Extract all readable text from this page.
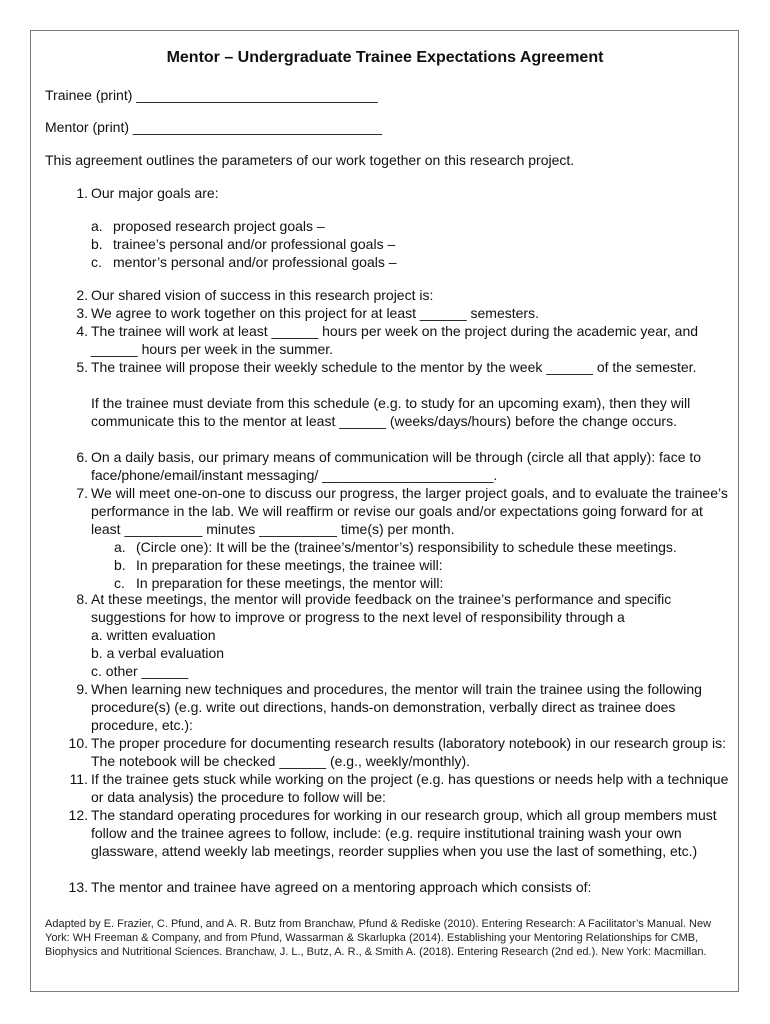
Mentor – Undergraduate Trainee Expectations Agreement
Trainee (print) _______________________________
Mentor (print) ________________________________
This agreement outlines the parameters of our work together on this research project.
1. Our major goals are:
a. proposed research project goals –
b. trainee’s personal and/or professional goals –
c. mentor’s personal and/or professional goals –
2. Our shared vision of success in this research project is:
3. We agree to work together on this project for at least ______ semesters.
4. The trainee will work at least ______ hours per week on the project during the academic year, and ______ hours per week in the summer.
5. The trainee will propose their weekly schedule to the mentor by the week ______ of the semester.
If the trainee must deviate from this schedule (e.g. to study for an upcoming exam), then they will communicate this to the mentor at least ______ (weeks/days/hours) before the change occurs.
6. On a daily basis, our primary means of communication will be through (circle all that apply): face to face/phone/email/instant messaging/ ______________________.
7. We will meet one-on-one to discuss our progress, the larger project goals, and to evaluate the trainee’s performance in the lab. We will reaffirm or revise our goals and/or expectations going forward for at least __________ minutes __________ time(s) per month.
a. (Circle one): It will be the (trainee’s/mentor’s) responsibility to schedule these meetings.
b. In preparation for these meetings, the trainee will:
c. In preparation for these meetings, the mentor will:
8. At these meetings, the mentor will provide feedback on the trainee’s performance and specific suggestions for how to improve or progress to the next level of responsibility through a
a. written evaluation
b. a verbal evaluation
c. other ______
9. When learning new techniques and procedures, the mentor will train the trainee using the following procedure(s) (e.g. write out directions, hands-on demonstration, verbally direct as trainee does procedure, etc.):
10. The proper procedure for documenting research results (laboratory notebook) in our research group is: The notebook will be checked ______ (e.g., weekly/monthly).
11. If the trainee gets stuck while working on the project (e.g. has questions or needs help with a technique or data analysis) the procedure to follow will be:
12. The standard operating procedures for working in our research group, which all group members must follow and the trainee agrees to follow, include: (e.g. require institutional training wash your own glassware, attend weekly lab meetings, reorder supplies when you use the last of something, etc.)
13. The mentor and trainee have agreed on a mentoring approach which consists of:
Adapted by E. Frazier, C. Pfund, and A. R. Butz from Branchaw, Pfund & Rediske (2010). Entering Research: A Facilitator’s Manual. New York: WH Freeman & Company, and from Pfund, Wassarman & Skarlupka (2014). Establishing your Mentoring Relationships for CMB, Biophysics and Nutritional Sciences. Branchaw, J. L., Butz, A. R., & Smith A. (2018). Entering Research (2nd ed.). New York: Macmillan.
